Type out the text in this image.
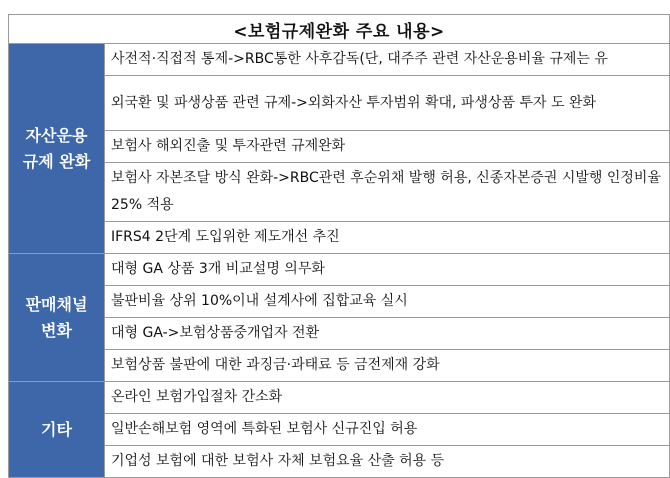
<보험규제완화 주요 내용>	

자산운용
규제 완화	사전적·직접적 통제->RBC통한 사후감독(단, 대주주 관련 자산운용비율 규제는 유
	외국환 및 파생상품 관련 규제->외화자산 투자범위 확대, 파생상품 투자 도 완화
	보험사 해외진출 및 투자관련 규제완화
	보험사 자본조달 방식 완화->RBC관련 후순위채 발행 허용, 신종자본증권 시발행 인정비율 25% 적용
	IFRS4 2단계 도입위한 제도개선 추진

판매채널
변화	대형 GA 상품 3개 비교설명 의무화
	불판비율 상위 10%이내 설계사에 집합교육 실시
	대형 GA->보험상품중개업자 전환
	보험상품 불판에 대한 과징금·과태료 등 금전제재 강화

기타	온라인 보험가입절차 간소화
	일반손해보험 영역에 특화된 보험사 신규진입 허용
	기업성 보험에 대한 보험사 자체 보험요율 산출 허용 등
